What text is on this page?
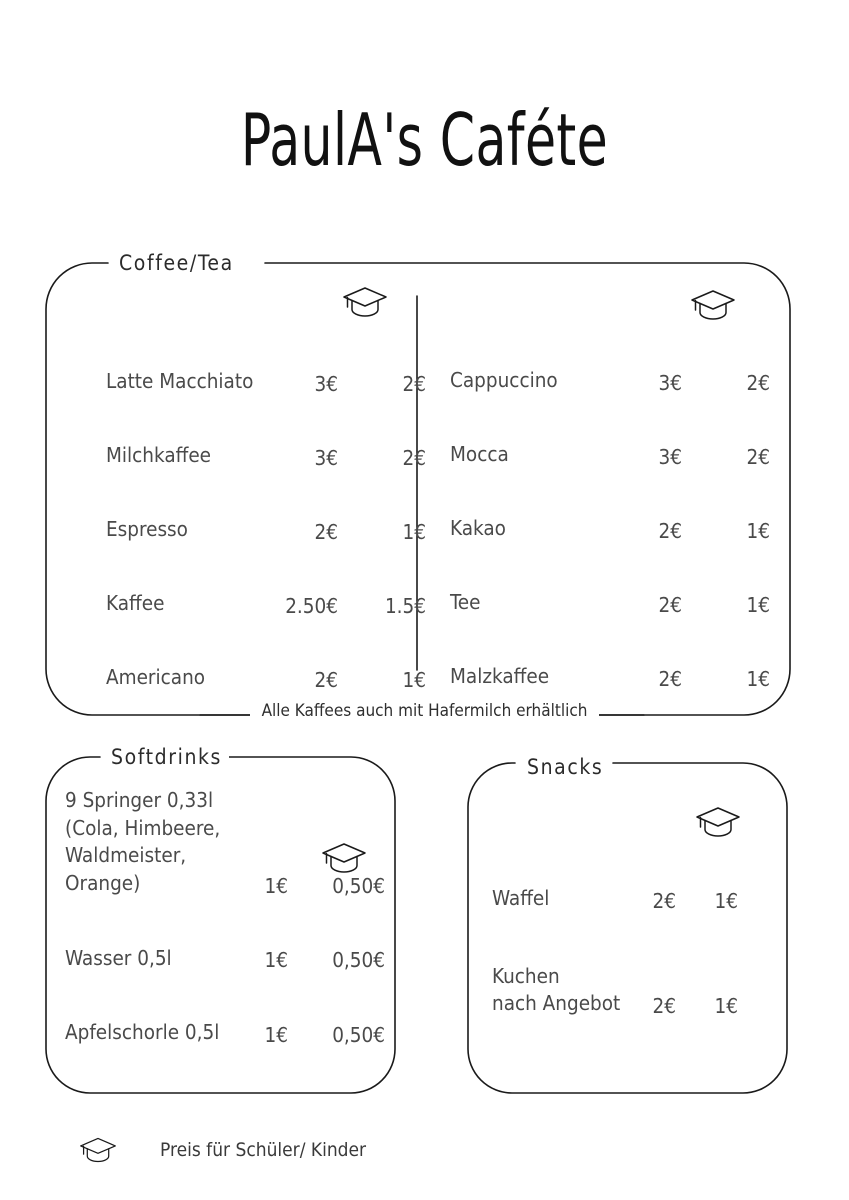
PaulA's Caféte
Coffee/Tea
Softdrinks	Snacks
Latte Macchiato	3€	2€
Milchkaffee	3€	2€
Espresso	2€	1€
Kaffee	2.50€	1.5€
Americano	2€	1€
Cappuccino	3€	2€
Mocca	3€	2€
Kakao	2€	1€
Tee	2€	1€
Malzkaffee	2€	1€
Alle Kaffees auch mit Hafermilch erhältlich
9 Springer 0,33l
(Cola, Himbeere,
Waldmeister,
Orange)	1€	0,50€
Wasser 0,5l	1€	0,50€
Apfelschorle 0,5l	1€	0,50€
Waffel	2€	1€
Kuchen
nach Angebot	2€	1€
Preis für Schüler/ Kinder
